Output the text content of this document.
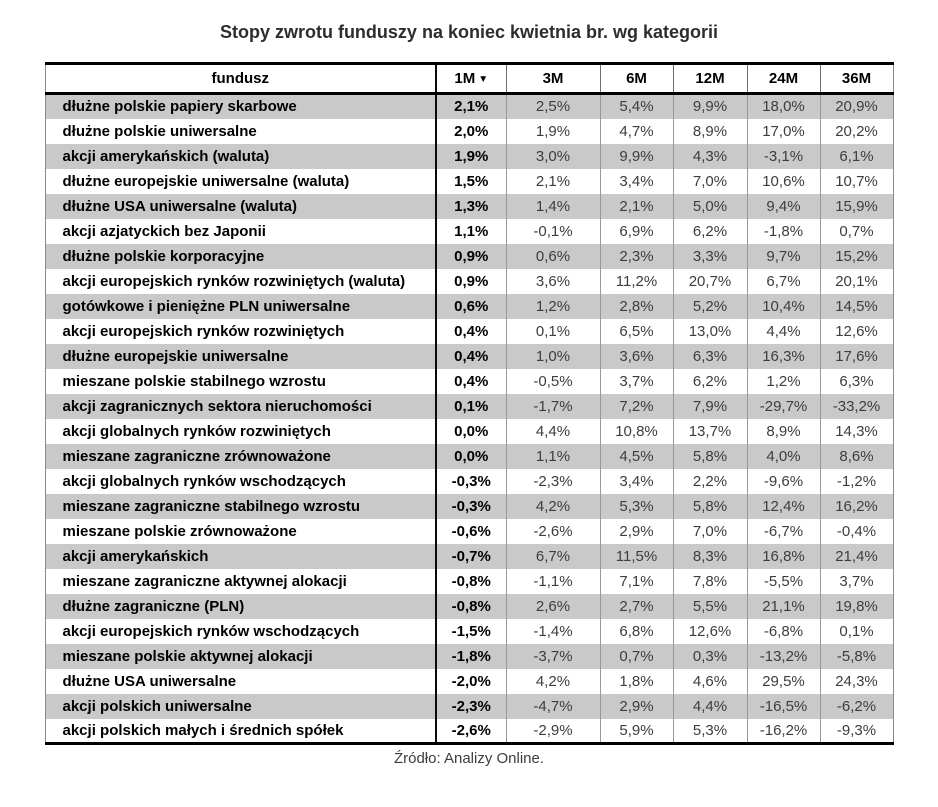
Stopy zwrotu funduszy na koniec kwietnia br. wg kategorii
fundusz	1M ▼	3M	6M	12M	24M	36M
dłużne polskie papiery skarbowe	2,1%	2,5%	5,4%	9,9%	18,0%	20,9%
dłużne polskie uniwersalne	2,0%	1,9%	4,7%	8,9%	17,0%	20,2%
akcji amerykańskich (waluta)	1,9%	3,0%	9,9%	4,3%	-3,1%	6,1%
dłużne europejskie uniwersalne (waluta)	1,5%	2,1%	3,4%	7,0%	10,6%	10,7%
dłużne USA uniwersalne (waluta)	1,3%	1,4%	2,1%	5,0%	9,4%	15,9%
akcji azjatyckich bez Japonii	1,1%	-0,1%	6,9%	6,2%	-1,8%	0,7%
dłużne polskie korporacyjne	0,9%	0,6%	2,3%	3,3%	9,7%	15,2%
akcji europejskich rynków rozwiniętych (waluta)	0,9%	3,6%	11,2%	20,7%	6,7%	20,1%
gotówkowe i pieniężne PLN uniwersalne	0,6%	1,2%	2,8%	5,2%	10,4%	14,5%
akcji europejskich rynków rozwiniętych	0,4%	0,1%	6,5%	13,0%	4,4%	12,6%
dłużne europejskie uniwersalne	0,4%	1,0%	3,6%	6,3%	16,3%	17,6%
mieszane polskie stabilnego wzrostu	0,4%	-0,5%	3,7%	6,2%	1,2%	6,3%
akcji zagranicznych sektora nieruchomości	0,1%	-1,7%	7,2%	7,9%	-29,7%	-33,2%
akcji globalnych rynków rozwiniętych	0,0%	4,4%	10,8%	13,7%	8,9%	14,3%
mieszane zagraniczne zrównoważone	0,0%	1,1%	4,5%	5,8%	4,0%	8,6%
akcji globalnych rynków wschodzących	-0,3%	-2,3%	3,4%	2,2%	-9,6%	-1,2%
mieszane zagraniczne stabilnego wzrostu	-0,3%	4,2%	5,3%	5,8%	12,4%	16,2%
mieszane polskie zrównoważone	-0,6%	-2,6%	2,9%	7,0%	-6,7%	-0,4%
akcji amerykańskich	-0,7%	6,7%	11,5%	8,3%	16,8%	21,4%
mieszane zagraniczne aktywnej alokacji	-0,8%	-1,1%	7,1%	7,8%	-5,5%	3,7%
dłużne zagraniczne (PLN)	-0,8%	2,6%	2,7%	5,5%	21,1%	19,8%
akcji europejskich rynków wschodzących	-1,5%	-1,4%	6,8%	12,6%	-6,8%	0,1%
mieszane polskie aktywnej alokacji	-1,8%	-3,7%	0,7%	0,3%	-13,2%	-5,8%
dłużne USA uniwersalne	-2,0%	4,2%	1,8%	4,6%	29,5%	24,3%
akcji polskich uniwersalne	-2,3%	-4,7%	2,9%	4,4%	-16,5%	-6,2%
akcji polskich małych i średnich spółek	-2,6%	-2,9%	5,9%	5,3%	-16,2%	-9,3%
Źródło: Analizy Online.
